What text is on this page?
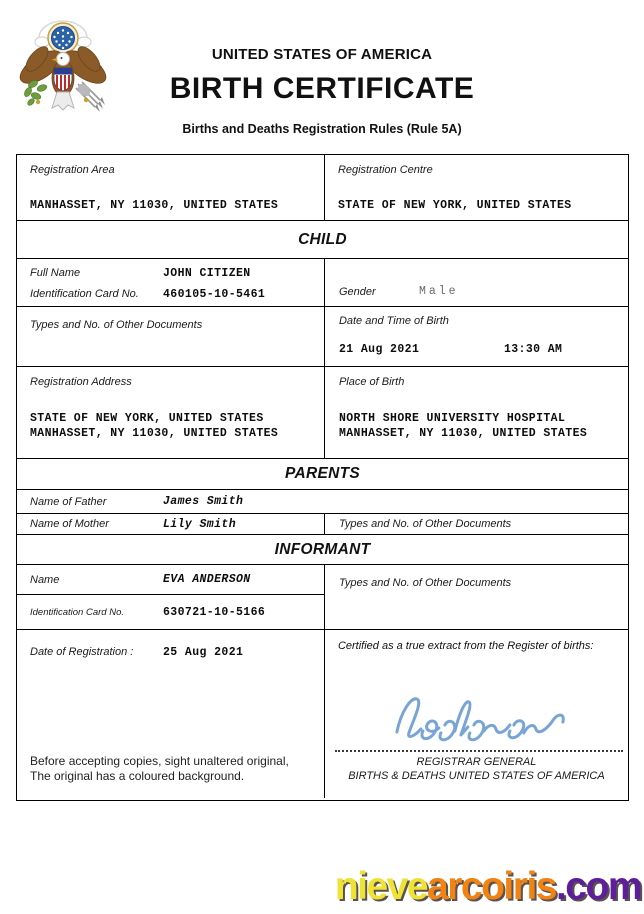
UNITED STATES OF AMERICA
BIRTH CERTIFICATE
Births and Deaths Registration Rules (Rule 5A)
Registration Area
MANHASSET, NY 11030, UNITED STATES
Registration Centre
STATE OF NEW YORK, UNITED STATES
CHILD
Full Name	JOHN CITIZEN
Identification Card No. 460105-10-5461	Gender	Male
Types and No. of Other Documents	Date and Time of Birth
21 Aug 2021	13:30 AM
Registration Address
STATE OF NEW YORK, UNITED STATES
MANHASSET, NY 11030, UNITED STATES
Place of Birth
NORTH SHORE UNIVERSITY HOSPITAL
MANHASSET, NY 11030, UNITED STATES
PARENTS
Name of Father	James Smith
Name of Mother	Lily Smith	Types and No. of Other Documents
INFORMANT
Name	EVA ANDERSON
Identification Card No.	630721-10-5166
Types and No. of Other Documents
Date of Registration :	25 Aug 2021
Before accepting copies, sight unaltered original,
The original has a coloured background.
Certified as a true extract from the Register of births:
REGISTRAR GENERAL
BIRTHS & DEATHS UNITED STATES OF AMERICA
nievearcoiris.com
